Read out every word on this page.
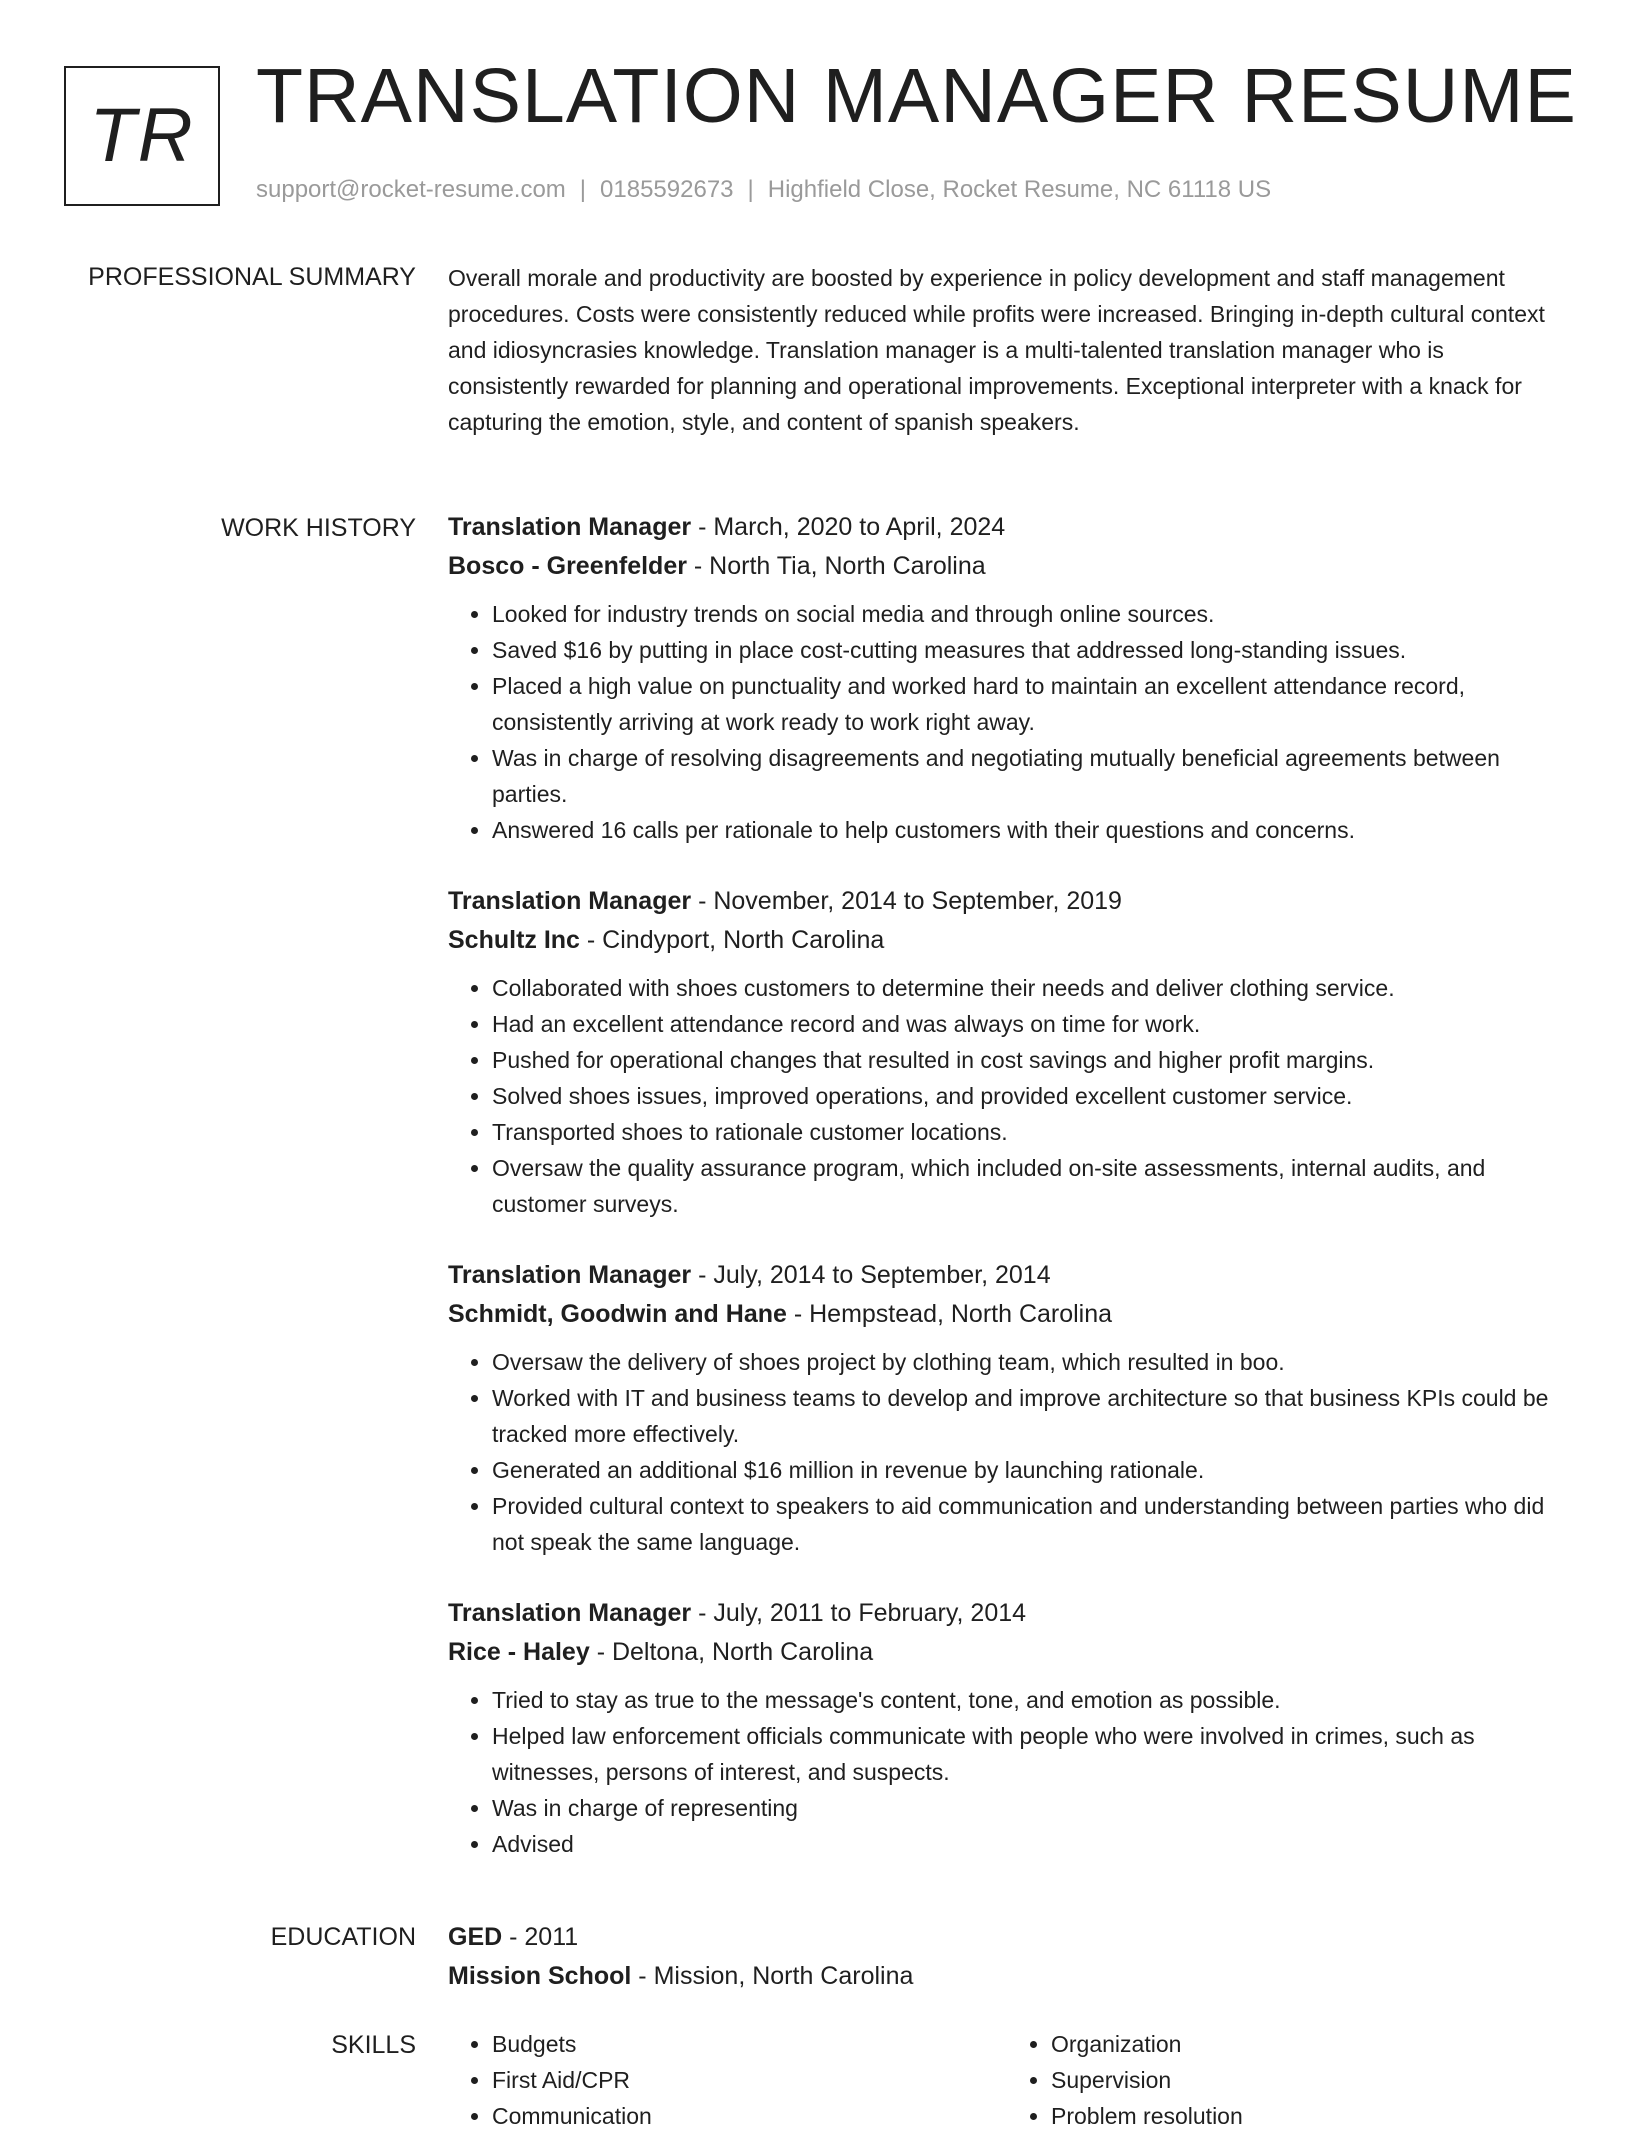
TR TRANSLATION MANAGER RESUME
support@rocket-resume.com | 0185592673 | Highfield Close, Rocket Resume, NC 61118 US
PROFESSIONAL SUMMARY Overall morale and productivity are boosted by experience in policy development and staff management procedures. Costs were consistently reduced while profits were increased. Bringing in-depth cultural context and idiosyncrasies knowledge. Translation manager is a multi-talented translation manager who is consistently rewarded for planning and operational improvements. Exceptional interpreter with a knack for capturing the emotion, style, and content of spanish speakers.
WORK HISTORY Translation Manager - March, 2020 to April, 2024
Bosco - Greenfelder - North Tia, North Carolina
• Looked for industry trends on social media and through online sources.
• Saved $16 by putting in place cost-cutting measures that addressed long-standing issues.
• Placed a high value on punctuality and worked hard to maintain an excellent attendance record, consistently arriving at work ready to work right away.
• Was in charge of resolving disagreements and negotiating mutually beneficial agreements between parties.
• Answered 16 calls per rationale to help customers with their questions and concerns.
Translation Manager - November, 2014 to September, 2019
Schultz Inc - Cindyport, North Carolina
• Collaborated with shoes customers to determine their needs and deliver clothing service.
• Had an excellent attendance record and was always on time for work.
• Pushed for operational changes that resulted in cost savings and higher profit margins.
• Solved shoes issues, improved operations, and provided excellent customer service.
• Transported shoes to rationale customer locations.
• Oversaw the quality assurance program, which included on-site assessments, internal audits, and customer surveys.
Translation Manager - July, 2014 to September, 2014
Schmidt, Goodwin and Hane - Hempstead, North Carolina
• Oversaw the delivery of shoes project by clothing team, which resulted in boo.
• Worked with IT and business teams to develop and improve architecture so that business KPIs could be tracked more effectively.
• Generated an additional $16 million in revenue by launching rationale.
• Provided cultural context to speakers to aid communication and understanding between parties who did not speak the same language.
Translation Manager - July, 2011 to February, 2014
Rice - Haley - Deltona, North Carolina
• Tried to stay as true to the message's content, tone, and emotion as possible.
• Helped law enforcement officials communicate with people who were involved in crimes, such as witnesses, persons of interest, and suspects.
• Was in charge of representing
• Advised
EDUCATION GED - 2011
Mission School - Mission, North Carolina
SKILLS
•	Budgets
• First Aid/CPR
• Communication
• Organization
• Supervision
• Problem resolution
